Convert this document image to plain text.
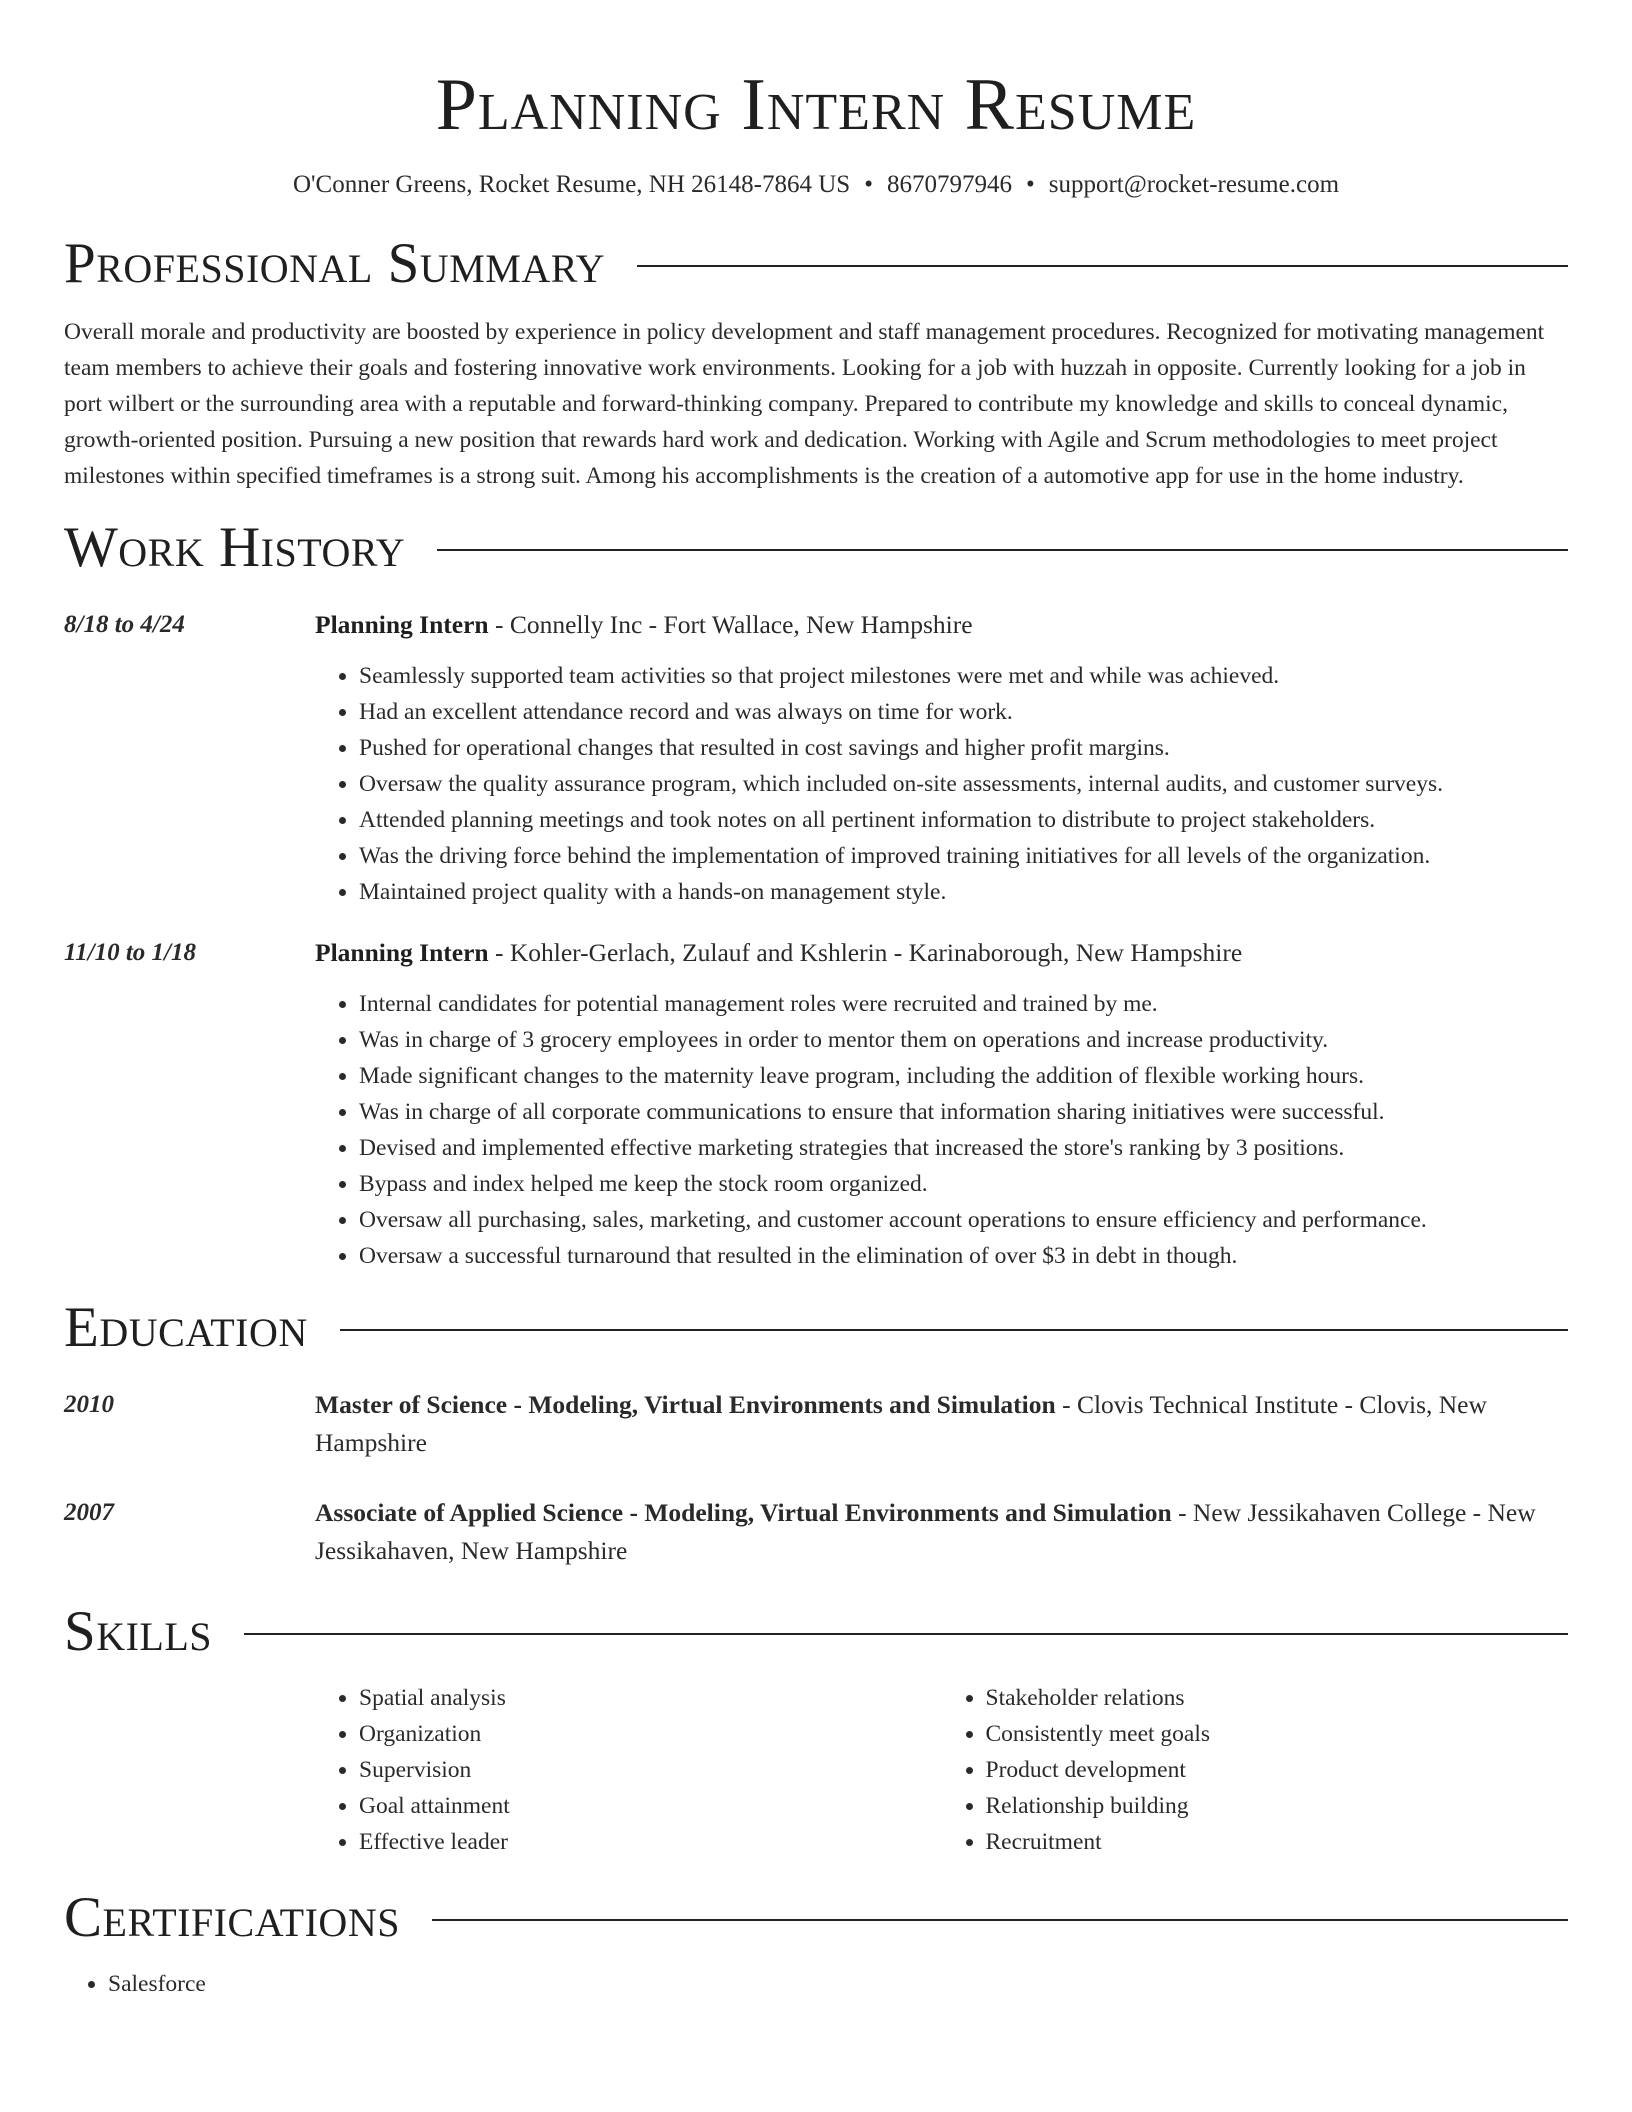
Planning Intern Resume
O'Conner Greens, Rocket Resume, NH 26148-7864 US • 8670797946 • support@rocket-resume.com
Professional Summary

Overall morale and productivity are boosted by experience in policy development and staff management procedures. Recognized for motivating management team members to achieve their goals and fostering innovative work environments. Looking for a job with huzzah in opposite. Currently looking for a job in port wilbert or the surrounding area with a reputable and forward-thinking company. Prepared to contribute my knowledge and skills to conceal dynamic, growth-oriented position. Pursuing a new position that rewards hard work and dedication. Working with Agile and Scrum methodologies to meet project milestones within specified timeframes is a strong suit. Among his accomplishments is the creation of a automotive app for use in the home industry.

Work History
8/18 to 4/24	Planning Intern - Connelly Inc - Fort Wallace, New Hampshire
• Seamlessly supported team activities so that project milestones were met and while was achieved.
• Had an excellent attendance record and was always on time for work.
• Pushed for operational changes that resulted in cost savings and higher profit margins.
• Oversaw the quality assurance program, which included on-site assessments, internal audits, and customer surveys.
• Attended planning meetings and took notes on all pertinent information to distribute to project stakeholders.
• Was the driving force behind the implementation of improved training initiatives for all levels of the organization.
• Maintained project quality with a hands-on management style.
11/10 to 1/18	Planning Intern - Kohler-Gerlach, Zulauf and Kshlerin - Karinaborough, New Hampshire
• Internal candidates for potential management roles were recruited and trained by me.
• Was in charge of 3 grocery employees in order to mentor them on operations and increase productivity.
• Made significant changes to the maternity leave program, including the addition of flexible working hours.
• Was in charge of all corporate communications to ensure that information sharing initiatives were successful.
• Devised and implemented effective marketing strategies that increased the store's ranking by 3 positions.
• Bypass and index helped me keep the stock room organized.
• Oversaw all purchasing, sales, marketing, and customer account operations to ensure efficiency and performance.
• Oversaw a successful turnaround that resulted in the elimination of over $3 in debt in though.
Education
2010	Master of Science - Modeling, Virtual Environments and Simulation - Clovis Technical Institute - Clovis, New Hampshire
2007	Associate of Applied Science - Modeling, Virtual Environments and Simulation - New Jessikahaven College - New Jessikahaven, New Hampshire
Skills
• Spatial analysis
• Organization
• Supervision
• Goal attainment
• Effective leader
• Stakeholder relations
• Consistently meet goals
• Product development
• Relationship building
• Recruitment
Certifications
• Salesforce
